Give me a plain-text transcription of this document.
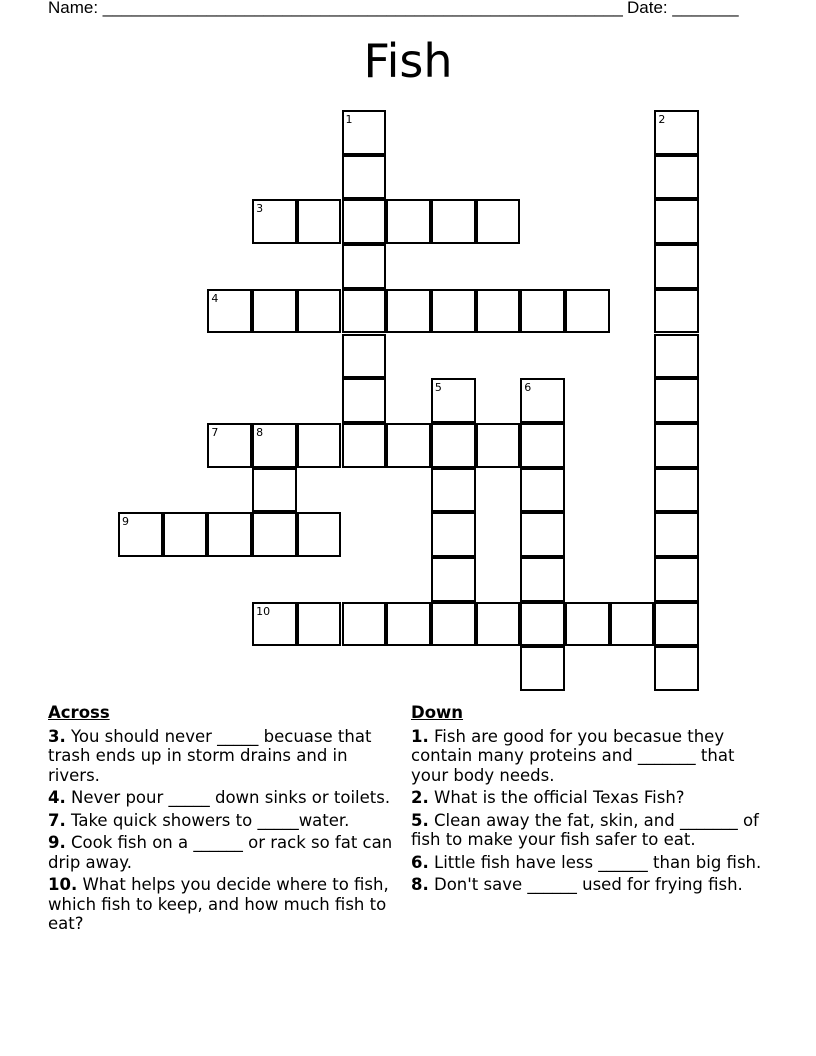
Name: _______________________________________________________ Date: _______
Fish
1	2
3
4
5	6
7	8
9
10
Across
3. You should never _____ becuase that trash ends up in storm drains and in rivers.
4. Never pour _____ down sinks or toilets.
7. Take quick showers to _____water.
9. Cook fish on a ______ or rack so fat can drip away.
10. What helps you decide where to fish, which fish to keep, and how much fish to eat?
Down
1. Fish are good for you becasue they contain many proteins and _______ that your body needs.
2. What is the official Texas Fish?
5. Clean away the fat, skin, and _______ of fish to make your fish safer to eat.
6. Little fish have less ______ than big fish.
8. Don't save ______ used for frying fish.
